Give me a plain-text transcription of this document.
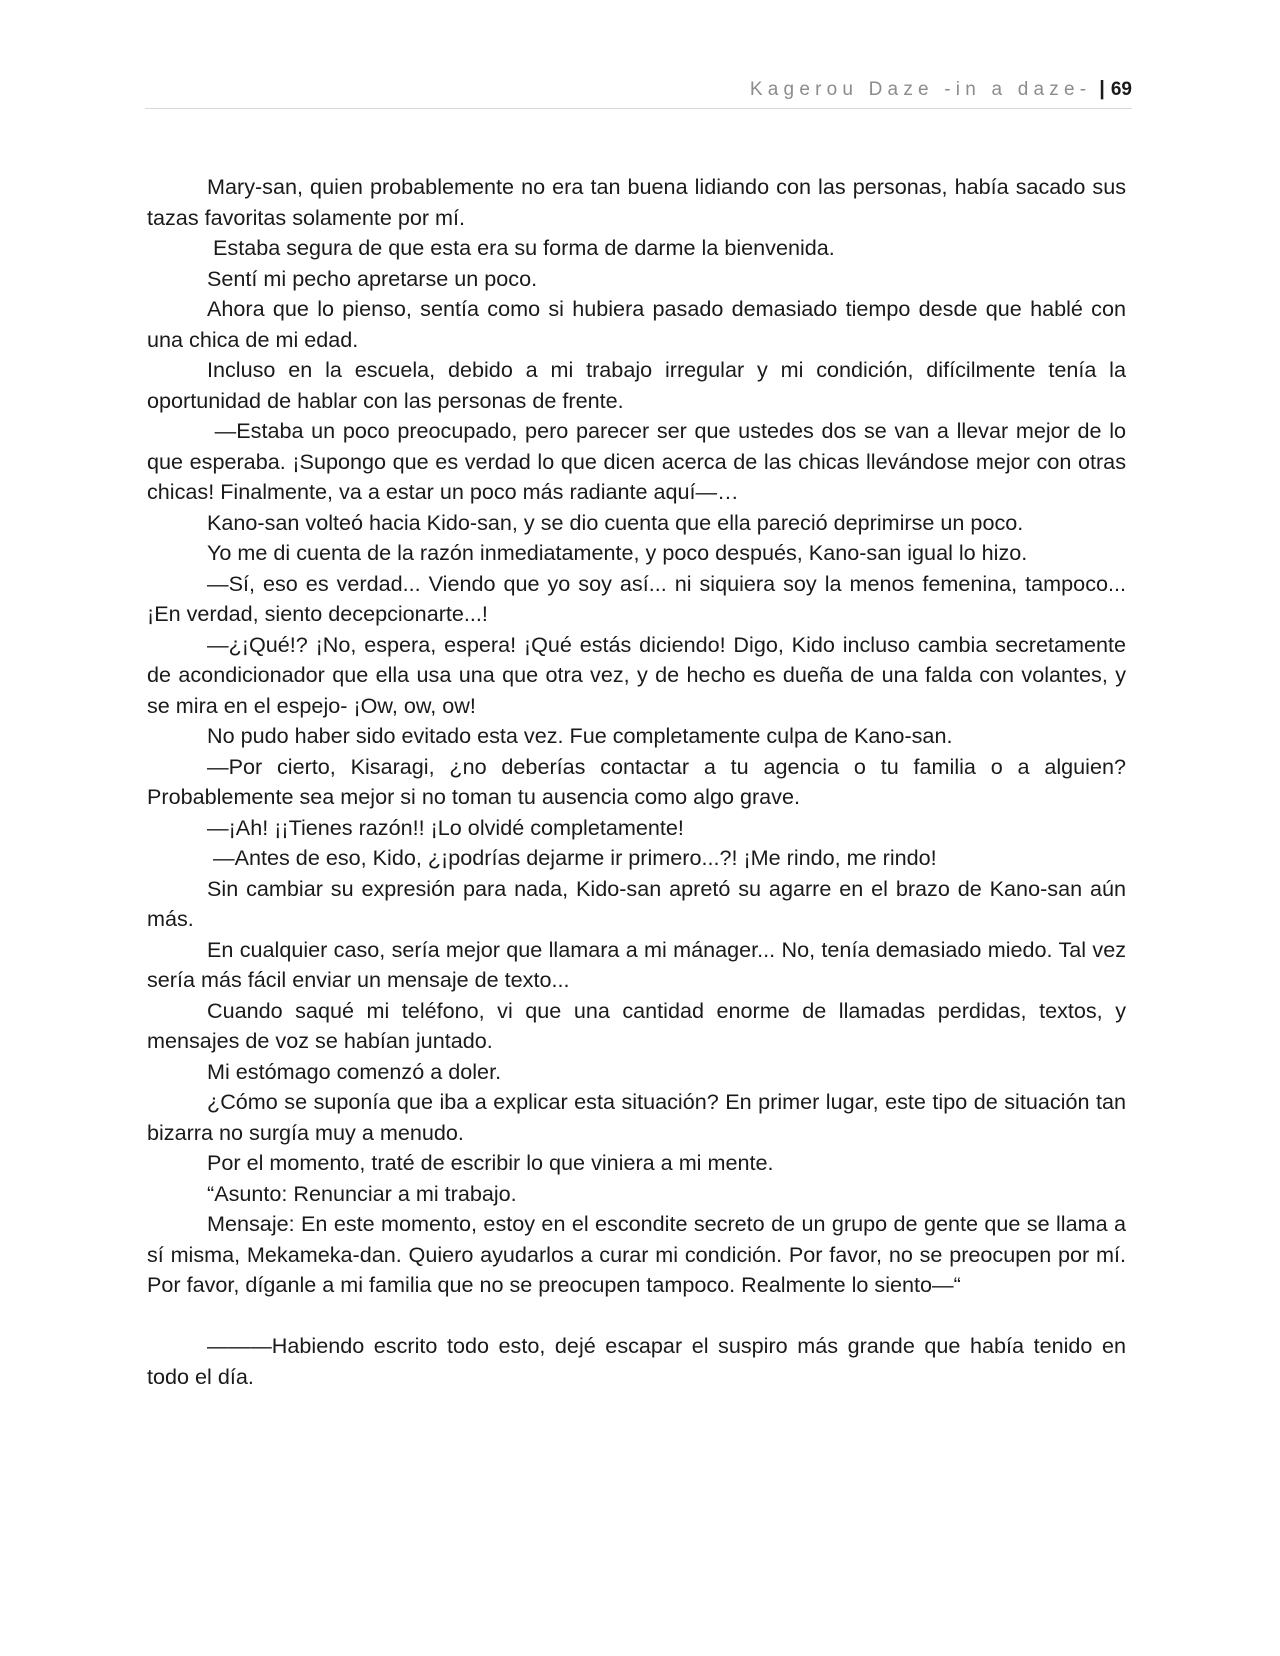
Kagerou Daze -in a daze- | 69

Mary-san, quien probablemente no era tan buena lidiando con las personas, había sacado sus tazas favoritas solamente por mí.

Estaba segura de que esta era su forma de darme la bienvenida.

Sentí mi pecho apretarse un poco.

Ahora que lo pienso, sentía como si hubiera pasado demasiado tiempo desde que hablé con una chica de mi edad.

Incluso en la escuela, debido a mi trabajo irregular y mi condición, difícilmente tenía la oportunidad de hablar con las personas de frente.

—Estaba un poco preocupado, pero parecer ser que ustedes dos se van a llevar mejor de lo que esperaba. ¡Supongo que es verdad lo que dicen acerca de las chicas llevándose mejor con otras chicas! Finalmente, va a estar un poco más radiante aquí—…

Kano-san volteó hacia Kido-san, y se dio cuenta que ella pareció deprimirse un poco.

Yo me di cuenta de la razón inmediatamente, y poco después, Kano-san igual lo hizo.

—Sí, eso es verdad... Viendo que yo soy así... ni siquiera soy la menos femenina, tampoco... ¡En verdad, siento decepcionarte...!

—¿¡Qué!? ¡No, espera, espera! ¡Qué estás diciendo! Digo, Kido incluso cambia secretamente de acondicionador que ella usa una que otra vez, y de hecho es dueña de una falda con volantes, y se mira en el espejo- ¡Ow, ow, ow!

No pudo haber sido evitado esta vez. Fue completamente culpa de Kano-san.

—Por cierto, Kisaragi, ¿no deberías contactar a tu agencia o tu familia o a alguien? Probablemente sea mejor si no toman tu ausencia como algo grave.

—¡Ah! ¡¡Tienes razón!! ¡Lo olvidé completamente!

—Antes de eso, Kido, ¿¡podrías dejarme ir primero...?! ¡Me rindo, me rindo!

Sin cambiar su expresión para nada, Kido-san apretó su agarre en el brazo de Kano-san aún más.

En cualquier caso, sería mejor que llamara a mi mánager... No, tenía demasiado miedo. Tal vez sería más fácil enviar un mensaje de texto...

Cuando saqué mi teléfono, vi que una cantidad enorme de llamadas perdidas, textos, y mensajes de voz se habían juntado.

Mi estómago comenzó a doler.

¿Cómo se suponía que iba a explicar esta situación? En primer lugar, este tipo de situación tan bizarra no surgía muy a menudo.

Por el momento, traté de escribir lo que viniera a mi mente.

“Asunto: Renunciar a mi trabajo.

Mensaje: En este momento, estoy en el escondite secreto de un grupo de gente que se llama a sí misma, Mekameka-dan. Quiero ayudarlos a curar mi condición. Por favor, no se preocupen por mí. Por favor, díganle a mi familia que no se preocupen tampoco. Realmente lo siento—“

———Habiendo escrito todo esto, dejé escapar el suspiro más grande que había tenido en todo el día.
